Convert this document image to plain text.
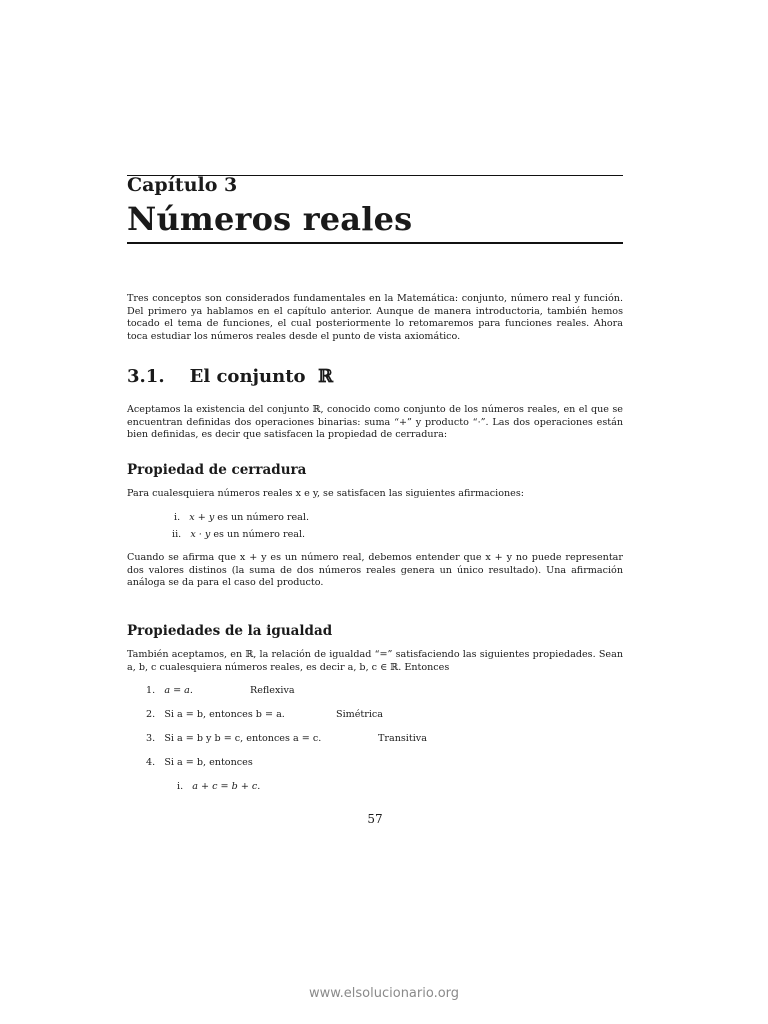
Capítulo 3
Números reales
Tres conceptos son considerados fundamentales en la Matemática: conjunto, número real y función. Del primero ya hablamos en el capítulo anterior. Aunque de manera introductoria, también hemos tocado el tema de funciones, el cual posteriormente lo retomaremos para funciones reales. Ahora toca estudiar los números reales desde el punto de vista axiomático.
3.1.    El conjunto  ℝ
Aceptamos la existencia del conjunto ℝ, conocido como conjunto de los números reales, en el que se encuentran definidas dos operaciones binarias: suma “+” y producto “·”. Las dos operaciones están bien definidas, es decir que satisfacen la propiedad de cerradura:
Propiedad de cerradura
Para cualesquiera números reales x e y, se satisfacen las siguientes afirmaciones:
i. x + y es un número real.
ii. x · y es un número real.
Cuando se afirma que x + y es un número real, debemos entender que x + y no puede representar dos valores distinos (la suma de dos números reales genera un único resultado). Una afirmación análoga se da para el caso del producto.
Propiedades de la igualdad
También aceptamos, en ℝ, la relación de igualdad “=” satisfaciendo las siguientes propiedades. Sean a, b, c cualesquiera números reales, es decir a, b, c ∈ ℝ. Entonces
1. a = a.	Reflexiva
2. Si a = b, entonces b = a.	Simétrica
3. Si a = b y b = c, entonces a = c.	Transitiva
4. Si a = b, entonces
i. a + c = b + c.
57
www.elsolucionario.org
